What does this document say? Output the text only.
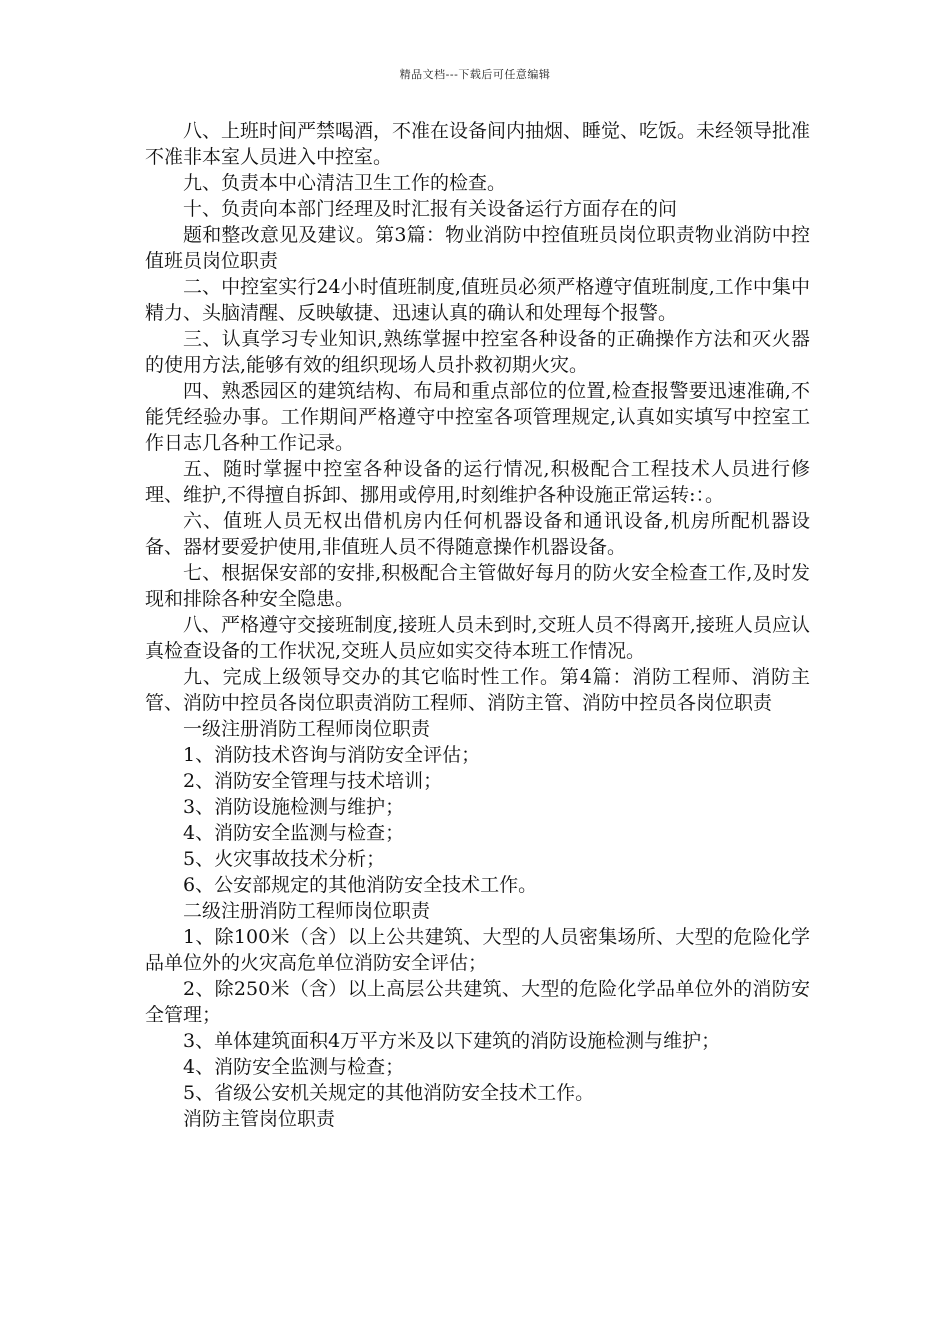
精品文档---下载后可任意编辑

八、上班时间严禁喝酒，不准在设备间内抽烟、睡觉、吃饭。未经领导批准不准非本室人员进入中控室。

九、负责本中心清洁卫生工作的检查。

十、负责向本部门经理及时汇报有关设备运行方面存在的问

题和整改意见及建议。第3篇：物业消防中控值班员岗位职责物业消防中控值班员岗位职责

二、中控室实行24小时值班制度,值班员必须严格遵守值班制度,工作中集中精力、头脑清醒、反映敏捷、迅速认真的确认和处理每个报警。

三、认真学习专业知识,熟练掌握中控室各种设备的正确操作方法和灭火器的使用方法,能够有效的组织现场人员扑救初期火灾。

四、熟悉园区的建筑结构、布局和重点部位的位置,检查报警要迅速准确,不能凭经验办事。工作期间严格遵守中控室各项管理规定,认真如实填写中控室工作日志几各种工作记录。

五、随时掌握中控室各种设备的运行情况,积极配合工程技术人员进行修理、维护,不得擅自拆卸、挪用或停用,时刻维护各种设施正常运转:：。

六、值班人员无权出借机房内任何机器设备和通讯设备,机房所配机器设备、器材要爱护使用,非值班人员不得随意操作机器设备。

七、根据保安部的安排,积极配合主管做好每月的防火安全检查工作,及时发现和排除各种安全隐患。

八、严格遵守交接班制度,接班人员未到时,交班人员不得离开,接班人员应认真检查设备的工作状况,交班人员应如实交待本班工作情况。

九、完成上级领导交办的其它临时性工作。第4篇：消防工程师、消防主管、消防中控员各岗位职责消防工程师、消防主管、消防中控员各岗位职责

一级注册消防工程师岗位职责

1、消防技术咨询与消防安全评估；

2、消防安全管理与技术培训；

3、消防设施检测与维护；

4、消防安全监测与检查；

5、火灾事故技术分析；

6、公安部规定的其他消防安全技术工作。

二级注册消防工程师岗位职责

1、除100米（含）以上公共建筑、大型的人员密集场所、大型的危险化学品单位外的火灾高危单位消防安全评估；

2、除250米（含）以上高层公共建筑、大型的危险化学品单位外的消防安全管理；

3、单体建筑面积4万平方米及以下建筑的消防设施检测与维护；

4、消防安全监测与检查；

5、省级公安机关规定的其他消防安全技术工作。

消防主管岗位职责
